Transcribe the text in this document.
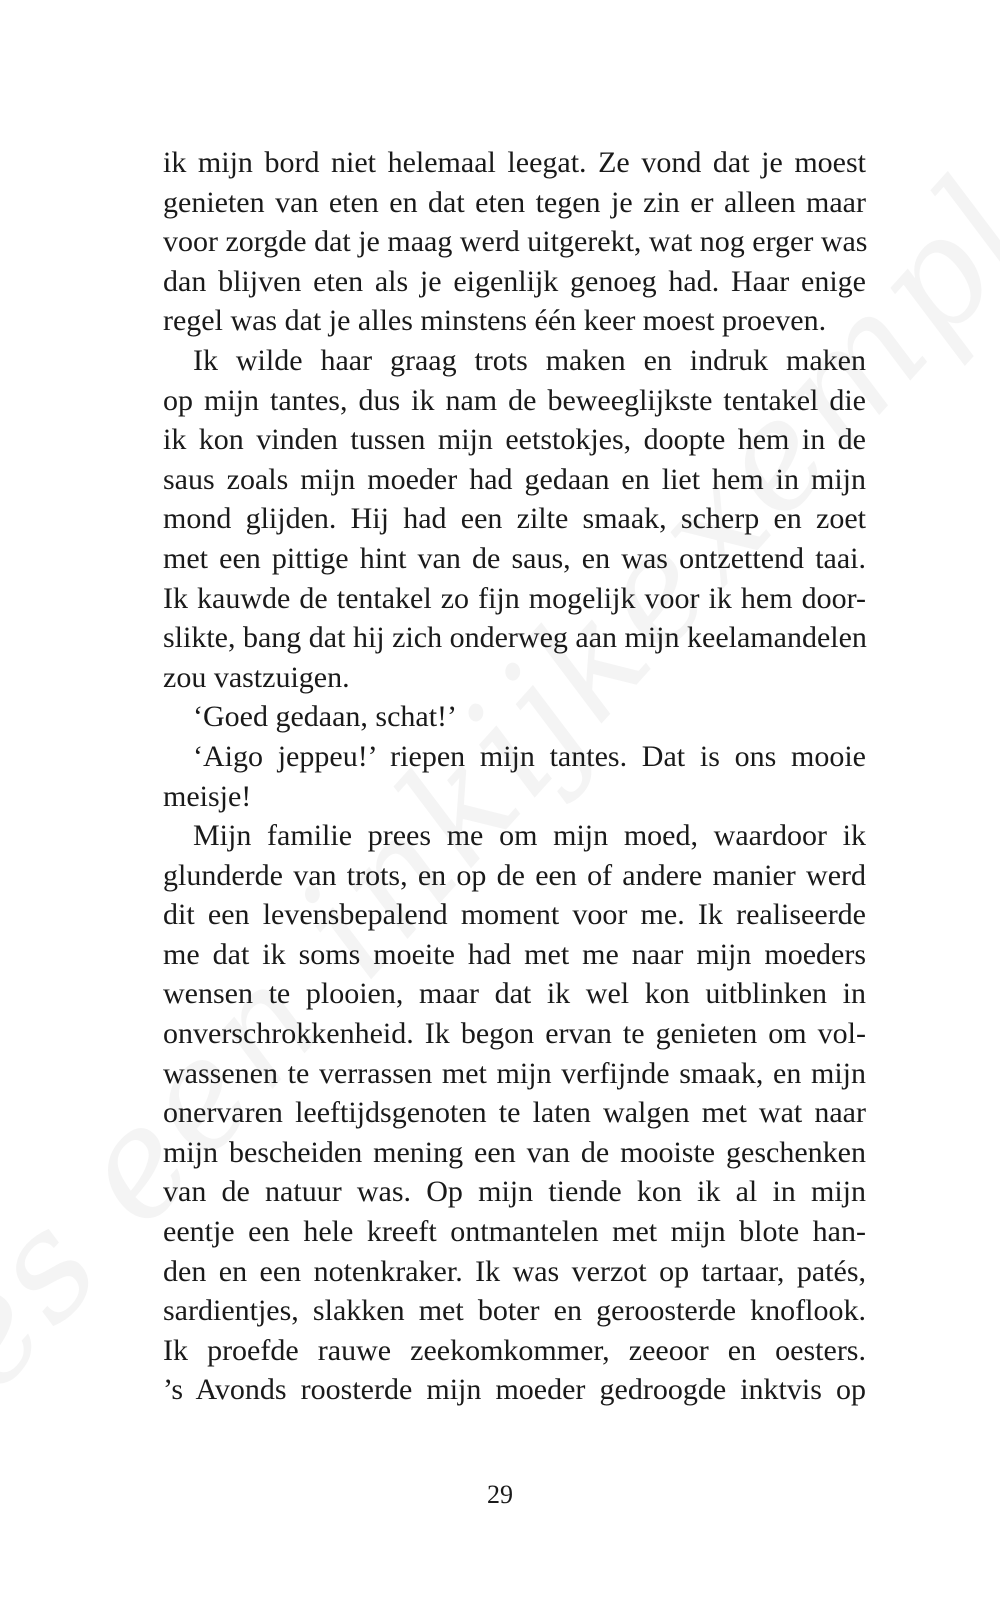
ik mijn bord niet helemaal leegat. Ze vond dat je moest
genieten van eten en dat eten tegen je zin er alleen maar
voor zorgde dat je maag werd uitgerekt, wat nog erger was
dan blijven eten als je eigenlijk genoeg had. Haar enige
regel was dat je alles minstens één keer moest proeven.
 Ik wilde haar graag trots maken en indruk maken
op mijn tantes, dus ik nam de beweeglijkste tentakel die
ik kon vinden tussen mijn eetstokjes, doopte hem in de
saus zoals mijn moeder had gedaan en liet hem in mijn
mond glijden. Hij had een zilte smaak, scherp en zoet
met een pittige hint van de saus, en was ontzettend taai.
Ik kauwde de tentakel zo fijn mogelijk voor ik hem door-
slikte, bang dat hij zich onderweg aan mijn keelamandelen
zou vastzuigen.
 ‘Goed gedaan, schat!’
 ‘Aigo jeppeu!’ riepen mijn tantes. Dat is ons mooie
meisje!
 Mijn familie prees me om mijn moed, waardoor ik
glunderde van trots, en op de een of andere manier werd
dit een levensbepalend moment voor me. Ik realiseerde
me dat ik soms moeite had met me naar mijn moeders
wensen te plooien, maar dat ik wel kon uitblinken in
onverschrokkenheid. Ik begon ervan te genieten om vol-
wassenen te verrassen met mijn verfijnde smaak, en mijn
onervaren leeftijdsgenoten te laten walgen met wat naar
mijn bescheiden mening een van de mooiste geschenken
van de natuur was. Op mijn tiende kon ik al in mijn
eentje een hele kreeft ontmantelen met mijn blote han-
den en een notenkraker. Ik was verzot op tartaar, patés,
sardientjes, slakken met boter en geroosterde knoflook.
Ik proefde rauwe zeekomkommer, zeeoor en oesters.
’s Avonds roosterde mijn moeder gedroogde inktvis op
29
